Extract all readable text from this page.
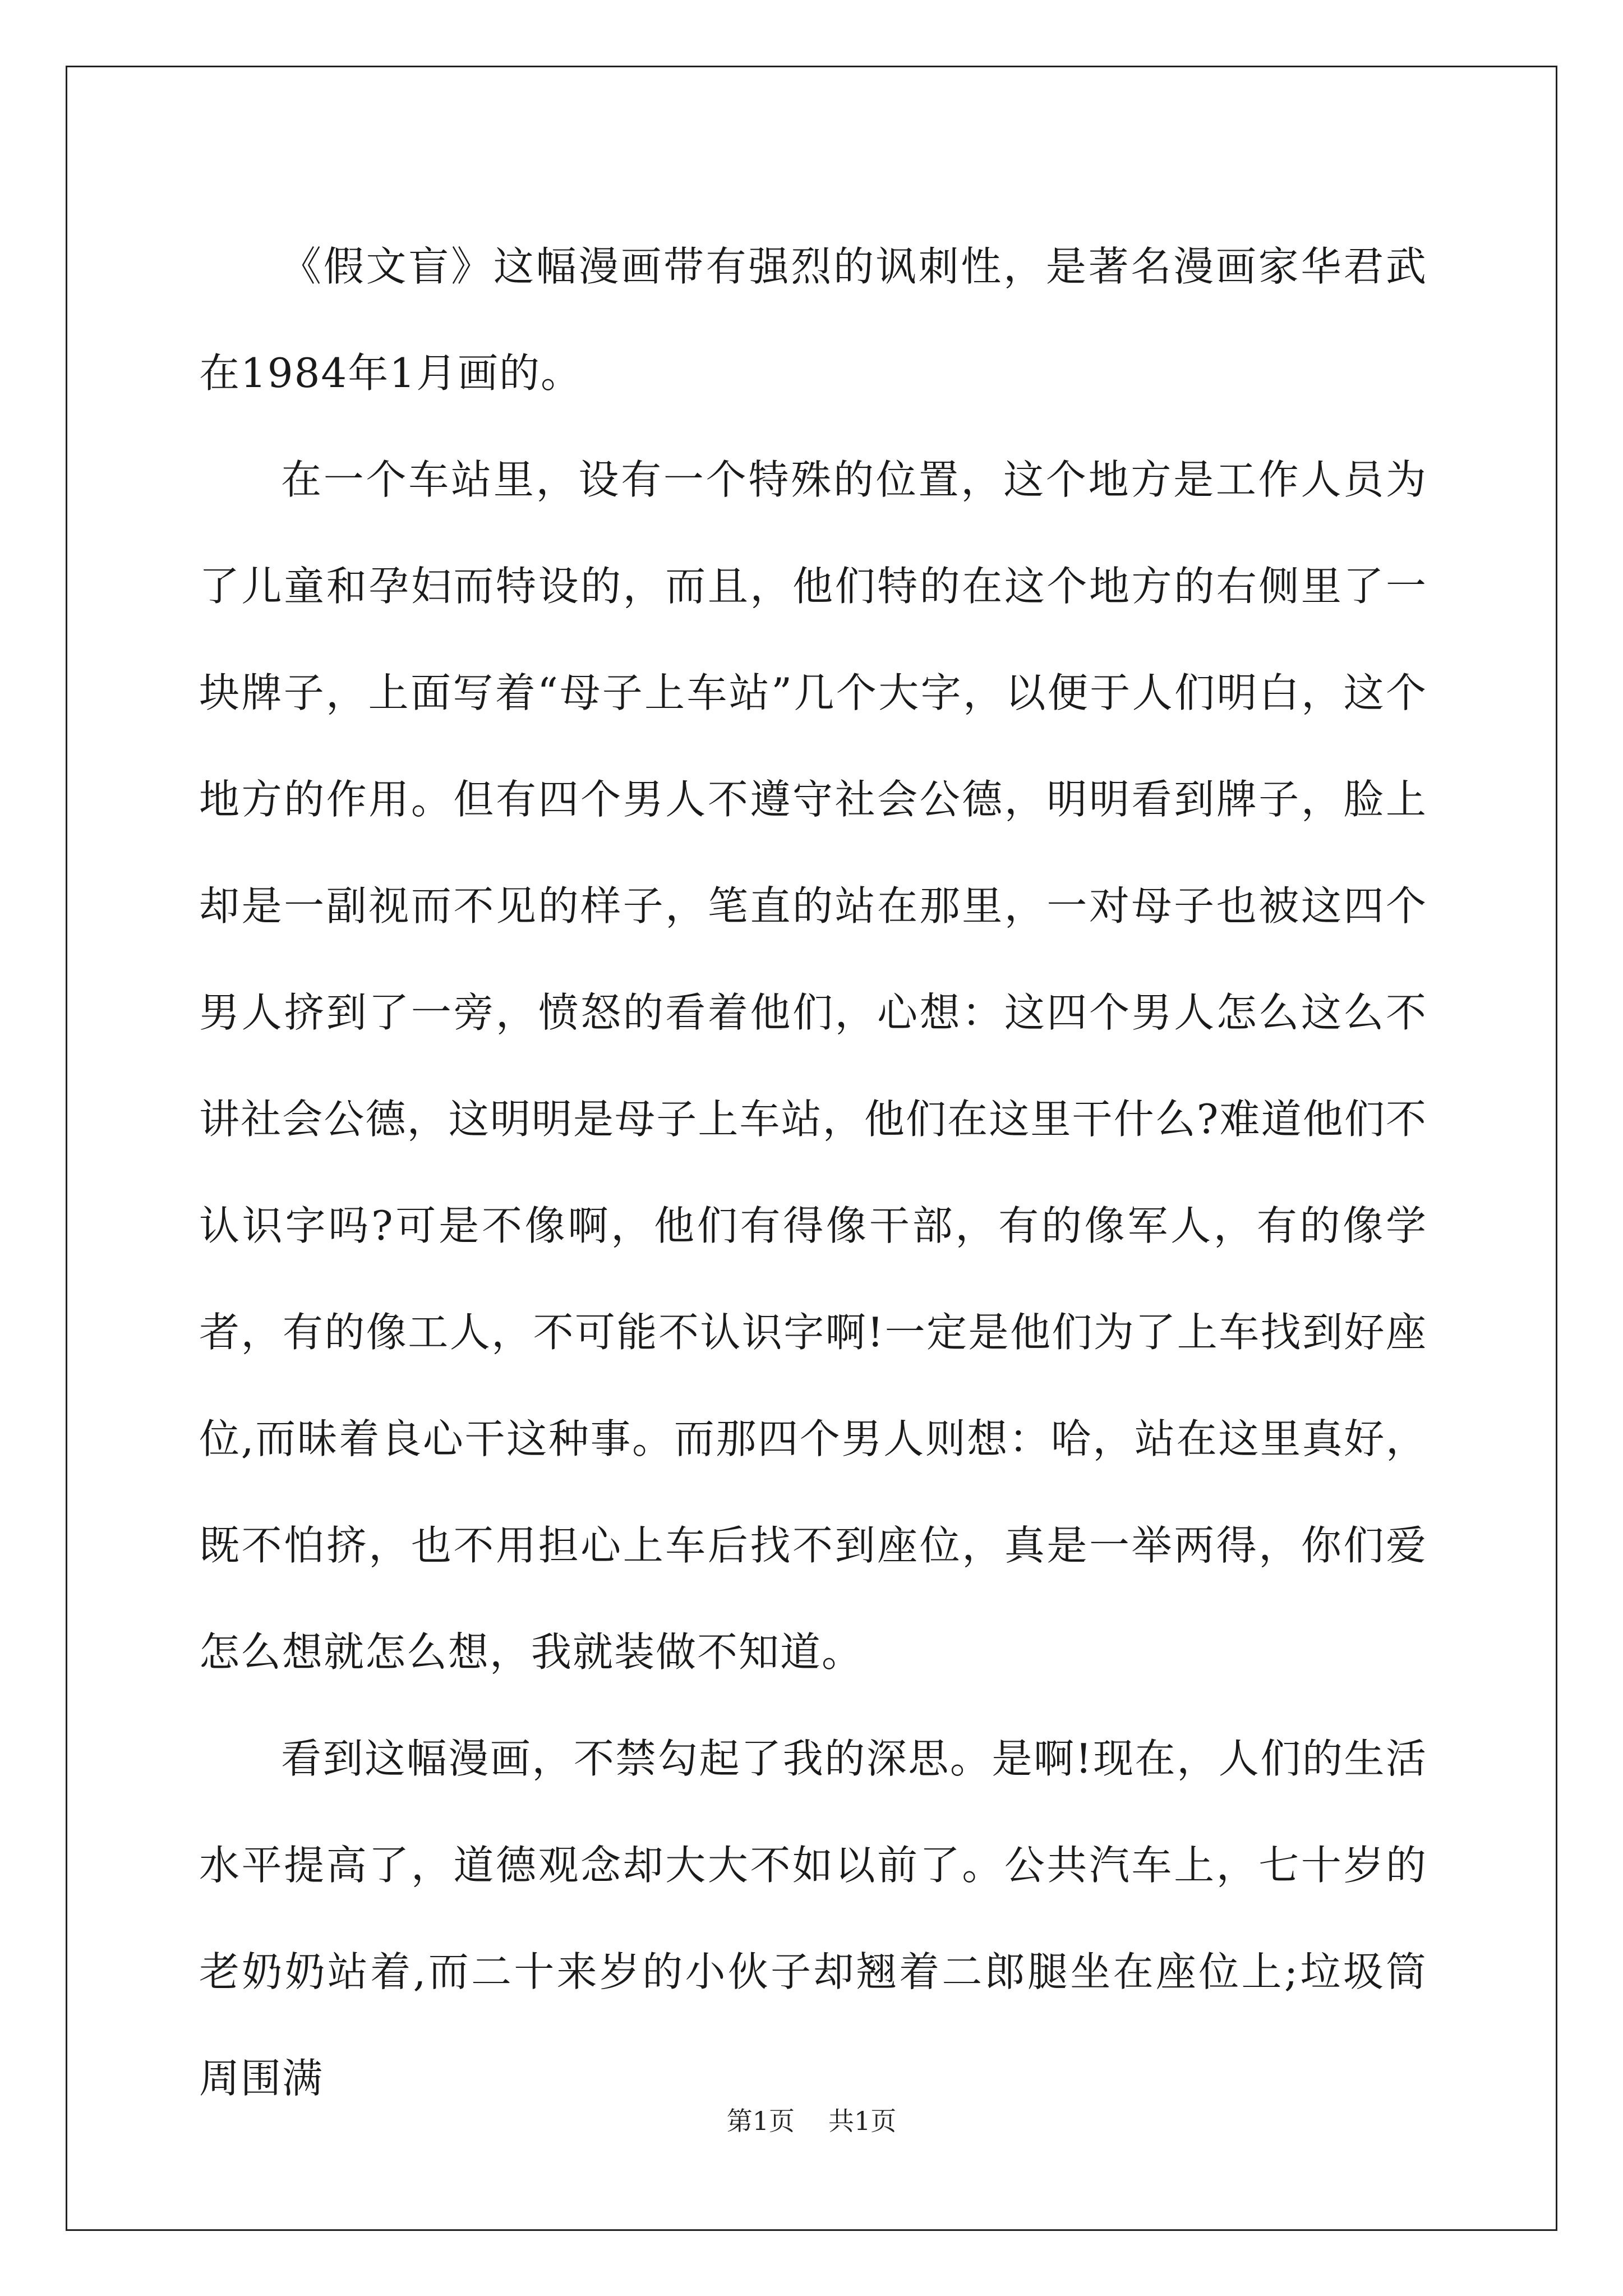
《假文盲》这幅漫画带有强烈的讽刺性，是著名漫画家华君武在1984年1月画的。

在一个车站里，设有一个特殊的位置，这个地方是工作人员为了儿童和孕妇而特设的，而且，他们特的在这个地方的右侧里了一块牌子，上面写着“母子上车站”几个大字，以便于人们明白，这个地方的作用。但有四个男人不遵守社会公德，明明看到牌子，脸上却是一副视而不见的样子，笔直的站在那里，一对母子也被这四个男人挤到了一旁，愤怒的看着他们，心想：这四个男人怎么这么不讲社会公德，这明明是母子上车站，他们在这里干什么?难道他们不认识字吗?可是不像啊，他们有得像干部，有的像军人，有的像学者，有的像工人，不可能不认识字啊!一定是他们为了上车找到好座位,而昧着良心干这种事。而那四个男人则想：哈，站在这里真好，既不怕挤，也不用担心上车后找不到座位，真是一举两得，你们爱怎么想就怎么想，我就装做不知道。

看到这幅漫画，不禁勾起了我的深思。是啊!现在，人们的生活水平提高了，道德观念却大大不如以前了。公共汽车上，七十岁的老奶奶站着,而二十来岁的小伙子却翘着二郎腿坐在座位上;垃圾筒周围满

第1页 共1页
